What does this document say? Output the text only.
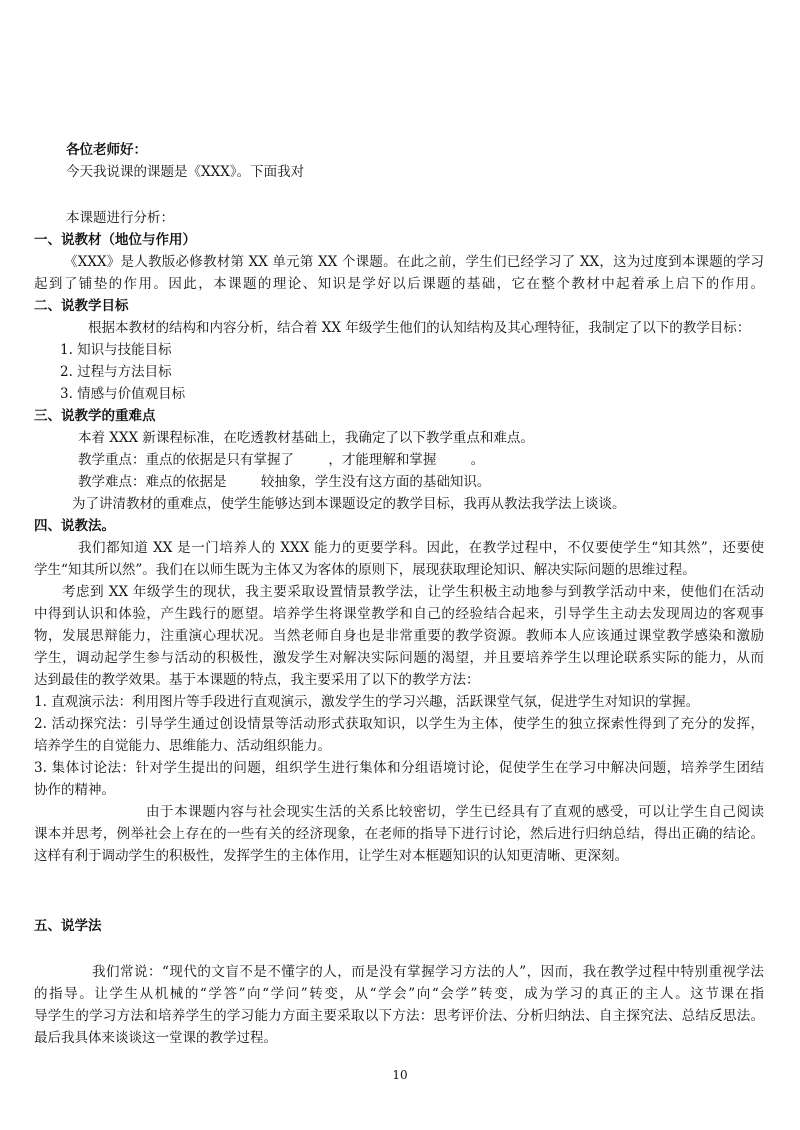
各位老师好：
今天我说课的课题是《XXX》。下面我对
本课题进行分析：
一、说教材（地位与作用）
《XXX》是人教版必修教材第 XX 单元第 XX 个课题。在此之前，学生们已经学习了 XX，这为过度到本课题的学习
起到了铺垫的作用。因此，本课题的理论、知识是学好以后课题的基础，它在整个教材中起着承上启下的作用。
二、说教学目标
根据本教材的结构和内容分析，结合着 XX 年级学生他们的认知结构及其心理特征，我制定了以下的教学目标：
1. 知识与技能目标
2. 过程与方法目标
3. 情感与价值观目标
三、说教学的重难点
本着 XXX 新课程标准，在吃透教材基础上，我确定了以下教学重点和难点。
教学重点：重点的依据是只有掌握了        ，才能理解和掌握        。
教学难点：难点的依据是        较抽象，学生没有这方面的基础知识。
为了讲清教材的重难点，使学生能够达到本课题设定的教学目标，我再从教法我学法上谈谈。
四、说教法。
我们都知道 XX 是一门培养人的 XXX 能力的更要学科。因此，在教学过程中，不仅要使学生“知其然”，还要使
学生“知其所以然”。我们在以师生既为主体又为客体的原则下，展现获取理论知识、解决实际问题的思维过程。
考虑到 XX 年级学生的现状，我主要采取设置情景教学法，让学生积极主动地参与到教学活动中来，使他们在活动
中得到认识和体验，产生践行的愿望。培养学生将课堂教学和自己的经验结合起来，引导学生主动去发现周边的客观事
物，发展思辩能力，注重演心理状况。当然老师自身也是非常重要的教学资源。教师本人应该通过课堂教学感染和激励
学生，调动起学生参与活动的积极性，激发学生对解决实际问题的渴望，并且要培养学生以理论联系实际的能力，从而
达到最佳的教学效果。基于本课题的特点，我主要采用了以下的教学方法：
1. 直观演示法：利用图片等手段进行直观演示，激发学生的学习兴趣，活跃课堂气氛，促进学生对知识的掌握。
2. 活动探究法：引导学生通过创设情景等活动形式获取知识，以学生为主体，使学生的独立探索性得到了充分的发挥，
培养学生的自觉能力、思维能力、活动组织能力。
3. 集体讨论法：针对学生提出的问题，组织学生进行集体和分组语境讨论，促使学生在学习中解决问题，培养学生团结
协作的精神。
由于本课题内容与社会现实生活的关系比较密切，学生已经具有了直观的感受，可以让学生自己阅读
课本并思考，例举社会上存在的一些有关的经济现象，在老师的指导下进行讨论，然后进行归纳总结，得出正确的结论。
这样有利于调动学生的积极性，发挥学生的主体作用，让学生对本框题知识的认知更清晰、更深刻。
五、说学法
我们常说：“现代的文盲不是不懂字的人，而是没有掌握学习方法的人”，因而，我在教学过程中特别重视学法
的指导。让学生从机械的“学答”向“学问”转变，从“学会”向“会学”转变，成为学习的真正的主人。这节课在指
导学生的学习方法和培养学生的学习能力方面主要采取以下方法：思考评价法、分析归纳法、自主探究法、总结反思法。
最后我具体来谈谈这一堂课的教学过程。
10
